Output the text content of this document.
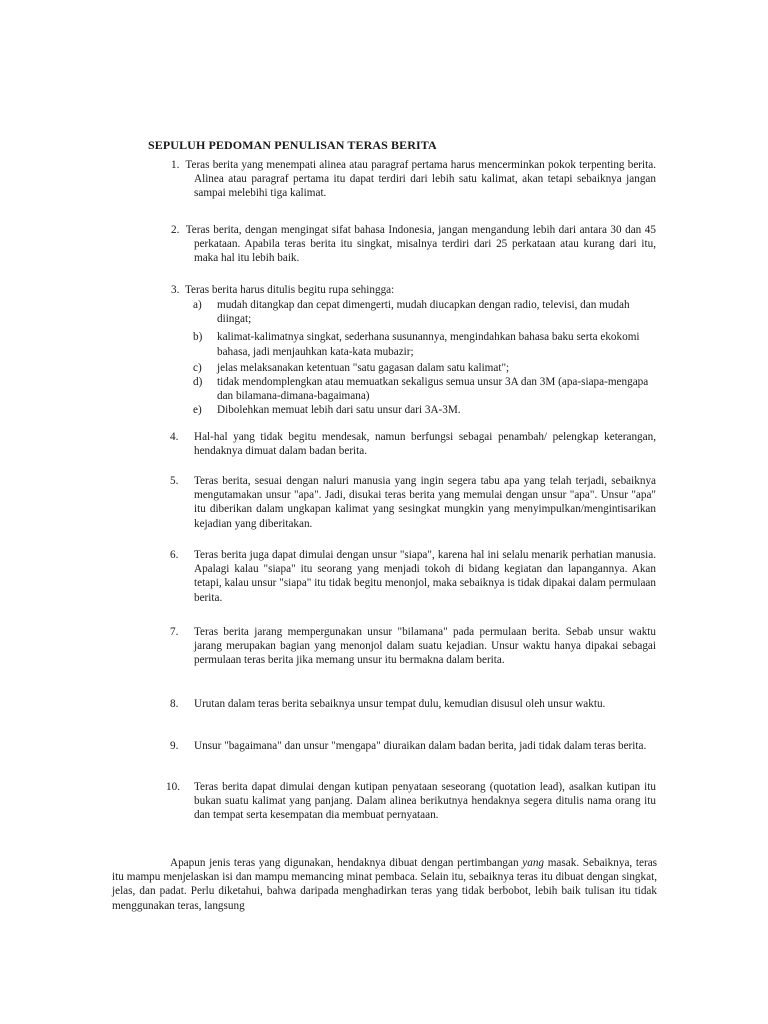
SEPULUH PEDOMAN PENULISAN TERAS BERITA
1. Teras berita yang menempati alinea atau paragraf pertama harus mencerminkan pokok terpenting berita. Alinea atau paragraf pertama itu dapat terdiri dari lebih satu kalimat, akan tetapi sebaiknya jangan sampai melebihi tiga kalimat.
2. Teras berita, dengan mengingat sifat bahasa Indonesia, jangan mengandung lebih dari antara 30 dan 45 perkataan. Apabila teras berita itu singkat, misalnya terdiri dari 25 perkataan atau kurang dari itu, maka hal itu lebih baik.
3. Teras berita harus ditulis begitu rupa sehingga:
a) mudah ditangkap dan cepat dimengerti, mudah diucapkan dengan radio, televisi, dan mudah diingat;
b) kalimat-kalimatnya singkat, sederhana susunannya, mengindahkan bahasa baku serta ekokomi bahasa, jadi menjauhkan kata-kata mubazir;
c) jelas melaksanakan ketentuan "satu gagasan dalam satu kalimat";
d) tidak mendomplengkan atau memuatkan sekaligus semua unsur 3A dan 3M (apa-siapa-mengapa dan bilamana-dimana-bagaimana)
e) Dibolehkan memuat lebih dari satu unsur dari 3A-3M.
4. Hal-hal yang tidak begitu mendesak, namun berfungsi sebagai penambah/ pelengkap keterangan, hendaknya dimuat dalam badan berita.
5. Teras berita, sesuai dengan naluri manusia yang ingin segera tabu apa yang telah terjadi, sebaiknya mengutamakan unsur "apa". Jadi, disukai teras berita yang memulai dengan unsur "apa". Unsur "apa" itu diberikan dalam ungkapan kalimat yang sesingkat mungkin yang menyimpulkan/mengintisarikan kejadian yang diberitakan.
6. Teras berita juga dapat dimulai dengan unsur "siapa", karena hal ini selalu menarik perhatian manusia. Apalagi kalau "siapa" itu seorang yang menjadi tokoh di bidang kegiatan dan lapangannya. Akan tetapi, kalau unsur "siapa" itu tidak begitu menonjol, maka sebaiknya is tidak dipakai dalam permulaan berita.
7. Teras berita jarang mempergunakan unsur "bilamana" pada permulaan berita. Sebab unsur waktu jarang merupakan bagian yang menonjol dalam suatu kejadian. Unsur waktu hanya dipakai sebagai permulaan teras berita jika memang unsur itu bermakna dalam berita.
8. Urutan dalam teras berita sebaiknya unsur tempat dulu, kemudian disusul oleh unsur waktu.
9. Unsur "bagaimana" dan unsur "mengapa" diuraikan dalam badan berita, jadi tidak dalam teras berita.
10. Teras berita dapat dimulai dengan kutipan penyataan seseorang (quotation lead), asalkan kutipan itu bukan suatu kalimat yang panjang. Dalam alinea berikutnya hendaknya segera ditulis nama orang itu dan tempat serta kesempatan dia membuat pernyataan.
Apapun jenis teras yang digunakan, hendaknya dibuat dengan pertimbangan yang masak. Sebaiknya, teras itu mampu menjelaskan isi dan mampu memancing minat pembaca. Selain itu, sebaiknya teras itu dibuat dengan singkat, jelas, dan padat. Perlu diketahui, bahwa daripada menghadirkan teras yang tidak berbobot, lebih baik tulisan itu tidak menggunakan teras, langsung
